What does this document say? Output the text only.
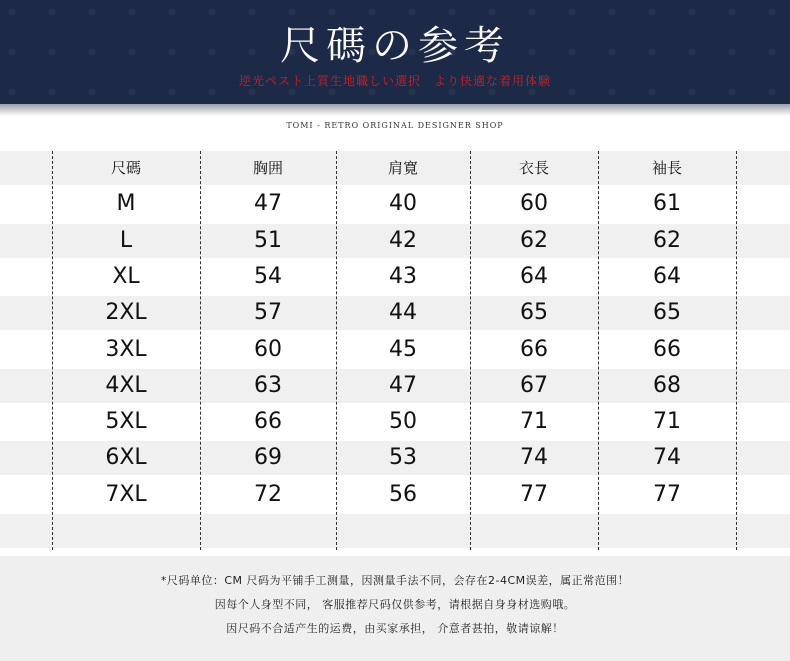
尺碼の参考
逆光ペスト上質生地職しい選択　より快適な着用体験
TOMI - RETRO ORIGINAL DESIGNER SHOP
7XL	72	56	77	77
6XL	69	53	74	74
5XL	66	50	71	71
4XL	63	47	67	68
3XL	60	45	66	66
2XL	57	44	65	65
XL	54	43	64	64
L	51	42	62	62
M	47	40	60	61
尺碼	胸囲	肩寛	衣長	袖長
*尺码单位：CM 尺码为平铺手工测量，因测量手法不同，会存在2-4CM误差，属正常范围！
因每个人身型不同， 客服推荐尺码仅供参考，请根据自身身材选购哦。
因尺码不合适产生的运费，由买家承担， 介意者甚拍，敬请谅解！
